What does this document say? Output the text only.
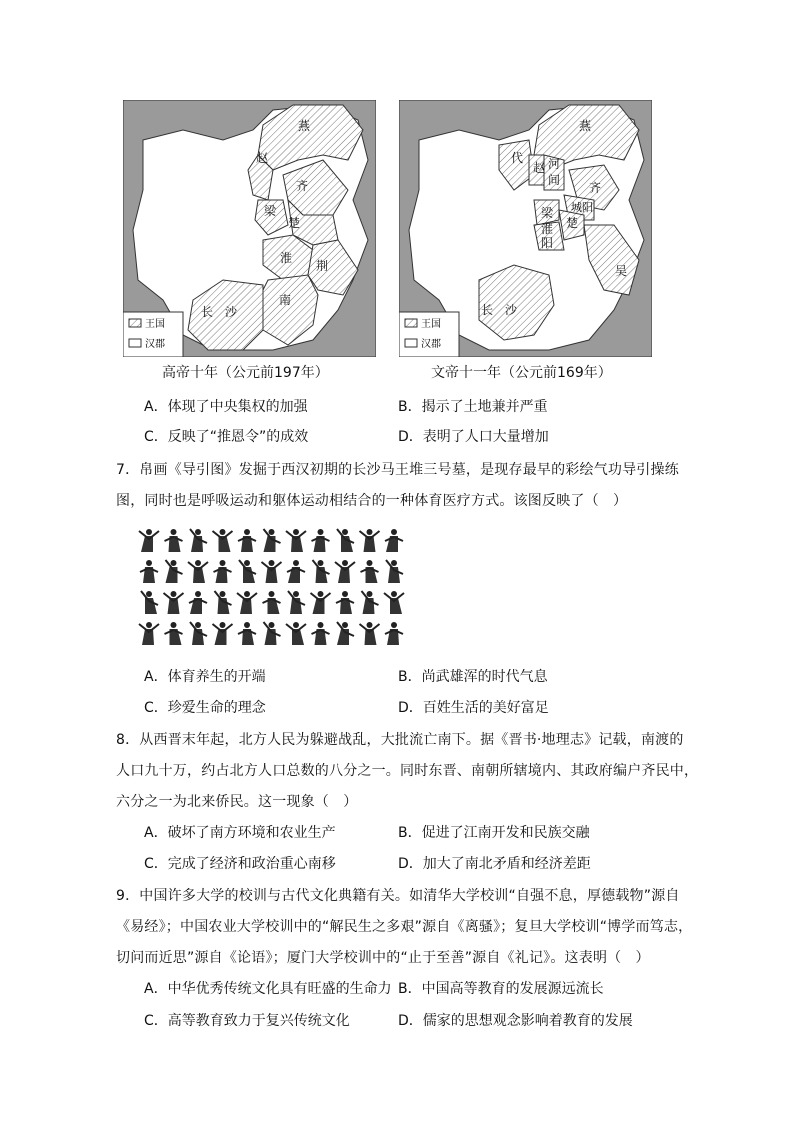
燕
赵
齐
梁
楚
淮
荆
南
长　沙
王国
汉郡
燕
代
赵 河
间
齐
城阳
梁
楚
淮
阳
吴
长　沙
王国
汉郡
高帝十年（公元前197年）	文帝十一年（公元前169年）
A．体现了中央集权的加强	B．揭示了土地兼并严重
C．反映了“推恩令”的成效	D．表明了人口大量增加
7．帛画《导引图》发掘于西汉初期的长沙马王堆三号墓，是现存最早的彩绘气功导引操练
图，同时也是呼吸运动和躯体运动相结合的一种体育医疗方式。该图反映了（　）
A．体育养生的开端	B．尚武雄浑的时代气息
C．珍爱生命的理念	D．百姓生活的美好富足
8．从西晋末年起，北方人民为躲避战乱，大批流亡南下。据《晋书·地理志》记载，南渡的
人口九十万，约占北方人口总数的八分之一。同时东晋、南朝所辖境内、其政府编户齐民中，
六分之一为北来侨民。这一现象（　）
A．破坏了南方环境和农业生产	B．促进了江南开发和民族交融
C．完成了经济和政治重心南移	D．加大了南北矛盾和经济差距
9．中国许多大学的校训与古代文化典籍有关。如清华大学校训“自强不息，厚德载物”源自
《易经》；中国农业大学校训中的“解民生之多艰”源自《离骚》；复旦大学校训“博学而笃志，
切问而近思”源自《论语》；厦门大学校训中的“止于至善”源自《礼记》。这表明（　）
A．中华优秀传统文化具有旺盛的生命力 B．中国高等教育的发展源远流长
C．高等教育致力于复兴传统文化	D．儒家的思想观念影响着教育的发展
